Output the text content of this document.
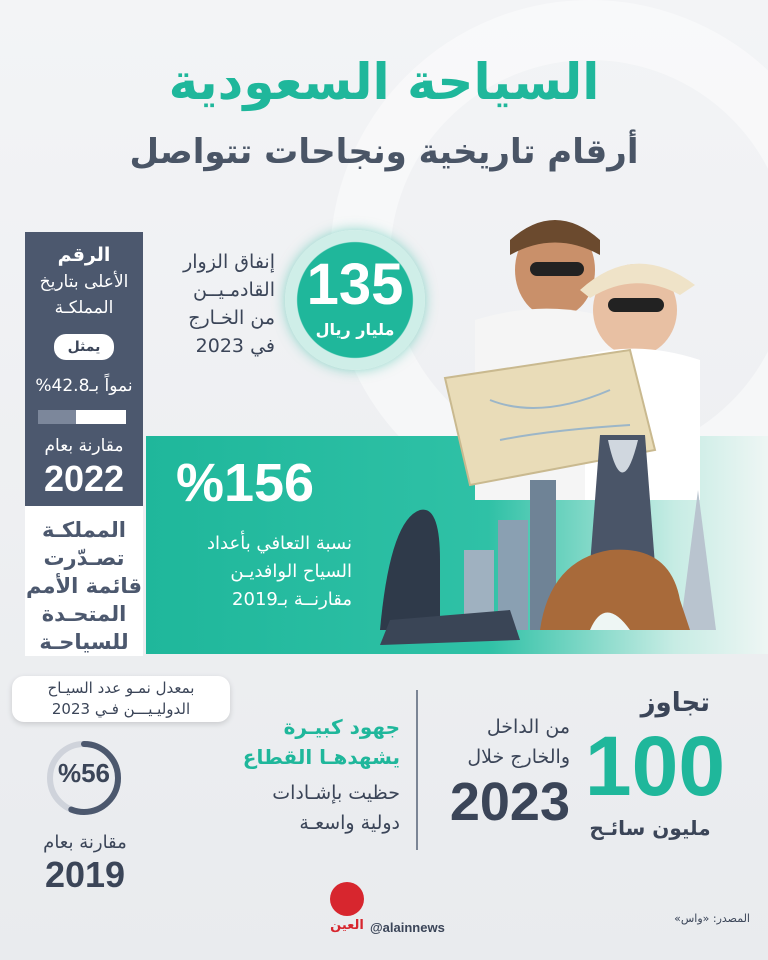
السياحة السعودية
أرقام تاريخية ونجاحات تتواصل
الرقم
الأعلى بتاريخ
المملكـة
يمثل
نمواً بـ42.8%
مقارنة بعام
2022
المملكـة
تصـدّرت
قائمة الأمم
المتحـدة
للسياحـة
بمعدل نمـو عدد السيـاح
الدوليـيـــن فـي 2023
%56
مقارنة بعام
2019
135
مليار ريال
إنفاق الزوار
القادمـيــن
من الخـارج
في 2023
%156
نسبة التعافي بأعداد
السياح الوافديـن
مقارنــة بـ2019
تجاوز
100
مليون سائـح
من الداخل
والخارج خلال
2023
جهود كبيـرة
يشهدهـا القطاع
حظيت بإشـادات
دولية واسعـة
العين @alainnews
المصدر: «واس»
